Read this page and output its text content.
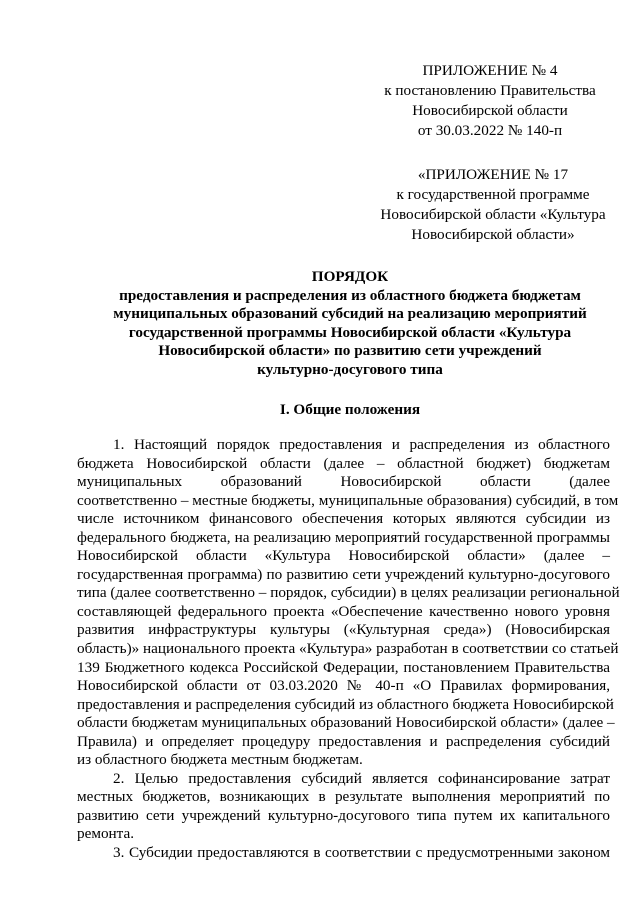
ПРИЛОЖЕНИЕ № 4
к постановлению Правительства
Новосибирской области
от 30.03.2022 № 140-п
«ПРИЛОЖЕНИЕ № 17
к государственной программе
Новосибирской области «Культура
Новосибирской области»
ПОРЯДОК
предоставления и распределения из областного бюджета бюджетам
муниципальных образований субсидий на реализацию мероприятий
государственной программы Новосибирской области «Культура
Новосибирской области» по развитию сети учреждений
культурно-досугового типа
I. Общие положения
1. Настоящий порядок предоставления и распределения из областного
бюджета Новосибирской области (далее – областной бюджет) бюджетам
муниципальных образований Новосибирской области (далее
соответственно – местные бюджеты, муниципальные образования) субсидий, в том
числе источником финансового обеспечения которых являются субсидии из
федерального бюджета, на реализацию мероприятий государственной программы
Новосибирской области «Культура Новосибирской области» (далее –
государственная программа) по развитию сети учреждений культурно-досугового
типа (далее соответственно – порядок, субсидии) в целях реализации региональной
составляющей федерального проекта «Обеспечение качественно нового уровня
развития инфраструктуры культуры («Культурная среда») (Новосибирская
область)» национального проекта «Культура» разработан в соответствии со статьей
139 Бюджетного кодекса Российской Федерации, постановлением Правительства
Новосибирской области от 03.03.2020 № 40-п «О Правилах формирования,
предоставления и распределения субсидий из областного бюджета Новосибирской
области бюджетам муниципальных образований Новосибирской области» (далее –
Правила) и определяет процедуру предоставления и распределения субсидий
из областного бюджета местным бюджетам.
2. Целью предоставления субсидий является софинансирование затрат
местных бюджетов, возникающих в результате выполнения мероприятий по
развитию сети учреждений культурно-досугового типа путем их капитального
ремонта.
3. Субсидии предоставляются в соответствии с предусмотренными законом
